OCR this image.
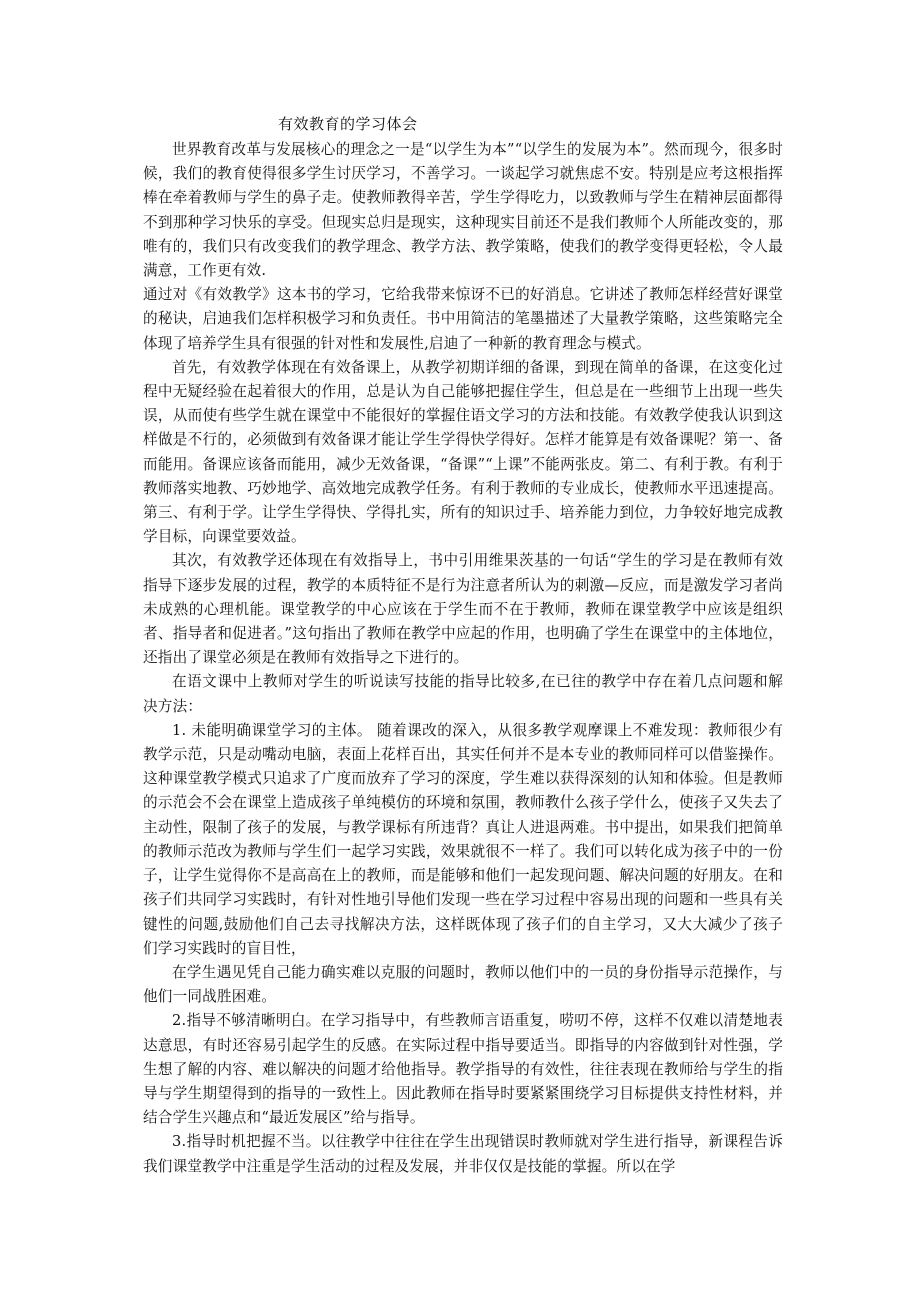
有效教育的学习体会

世界教育改革与发展核心的理念之一是“以学生为本”“以学生的发展为本”。然而现今，很多时候，我们的教育使得很多学生讨厌学习，不善学习。一谈起学习就焦虑不安。特别是应考这根指挥棒在牵着教师与学生的鼻子走。使教师教得辛苦，学生学得吃力，以致教师与学生在精神层面都得不到那种学习快乐的享受。但现实总归是现实，这种现实目前还不是我们教师个人所能改变的，那唯有的，我们只有改变我们的教学理念、教学方法、教学策略，使我们的教学变得更轻松，令人最满意，工作更有效.

通过对《有效教学》这本书的学习，它给我带来惊讶不已的好消息。它讲述了教师怎样经营好课堂的秘诀，启迪我们怎样积极学习和负责任。书中用简洁的笔墨描述了大量教学策略，这些策略完全体现了培养学生具有很强的针对性和发展性,启迪了一种新的教育理念与模式。

首先，有效教学体现在有效备课上，从教学初期详细的备课，到现在简单的备课，在这变化过程中无疑经验在起着很大的作用，总是认为自己能够把握住学生，但总是在一些细节上出现一些失误，从而使有些学生就在课堂中不能很好的掌握住语文学习的方法和技能。有效教学使我认识到这样做是不行的，必须做到有效备课才能让学生学得快学得好。怎样才能算是有效备课呢？第一、备而能用。备课应该备而能用，减少无效备课，“备课”“上课”不能两张皮。第二、有利于教。有利于教师落实地教、巧妙地学、高效地完成教学任务。有利于教师的专业成长，使教师水平迅速提高。第三、有利于学。让学生学得快、学得扎实，所有的知识过手、培养能力到位，力争较好地完成教学目标，向课堂要效益。

其次，有效教学还体现在有效指导上，书中引用维果茨基的一句话“学生的学习是在教师有效指导下逐步发展的过程，教学的本质特征不是行为注意者所认为的刺激—反应，而是激发学习者尚未成熟的心理机能。课堂教学的中心应该在于学生而不在于教师，教师在课堂教学中应该是组织者、指导者和促进者。”这句指出了教师在教学中应起的作用，也明确了学生在课堂中的主体地位，还指出了课堂必须是在教师有效指导之下进行的。

在语文课中上教师对学生的听说读写技能的指导比较多,在已往的教学中存在着几点问题和解决方法：

1. 未能明确课堂学习的主体。 随着课改的深入，从很多教学观摩课上不难发现：教师很少有教学示范，只是动嘴动电脑，表面上花样百出，其实任何并不是本专业的教师同样可以借鉴操作。这种课堂教学模式只追求了广度而放弃了学习的深度，学生难以获得深刻的认知和体验。但是教师的示范会不会在课堂上造成孩子单纯模仿的环境和氛围，教师教什么孩子学什么，使孩子又失去了主动性，限制了孩子的发展，与教学课标有所违背？真让人进退两难。书中提出，如果我们把简单的教师示范改为教师与学生们一起学习实践，效果就很不一样了。我们可以转化成为孩子中的一份子，让学生觉得你不是高高在上的教师，而是能够和他们一起发现问题、解决问题的好朋友。在和孩子们共同学习实践时，有针对性地引导他们发现一些在学习过程中容易出现的问题和一些具有关键性的问题,鼓励他们自己去寻找解决方法，这样既体现了孩子们的自主学习，又大大减少了孩子们学习实践时的盲目性，

在学生遇见凭自己能力确实难以克服的问题时，教师以他们中的一员的身份指导示范操作，与他们一同战胜困难。

2.指导不够清晰明白。在学习指导中，有些教师言语重复，唠叨不停，这样不仅难以清楚地表达意思，有时还容易引起学生的反感。在实际过程中指导要适当。即指导的内容做到针对性强，学生想了解的内容、难以解决的问题才给他指导。教学指导的有效性，往往表现在教师给与学生的指导与学生期望得到的指导的一致性上。因此教师在指导时要紧紧围绕学习目标提供支持性材料，并结合学生兴趣点和“最近发展区”给与指导。

3.指导时机把握不当。以往教学中往往在学生出现错误时教师就对学生进行指导，新课程告诉我们课堂教学中注重是学生活动的过程及发展，并非仅仅是技能的掌握。所以在学
